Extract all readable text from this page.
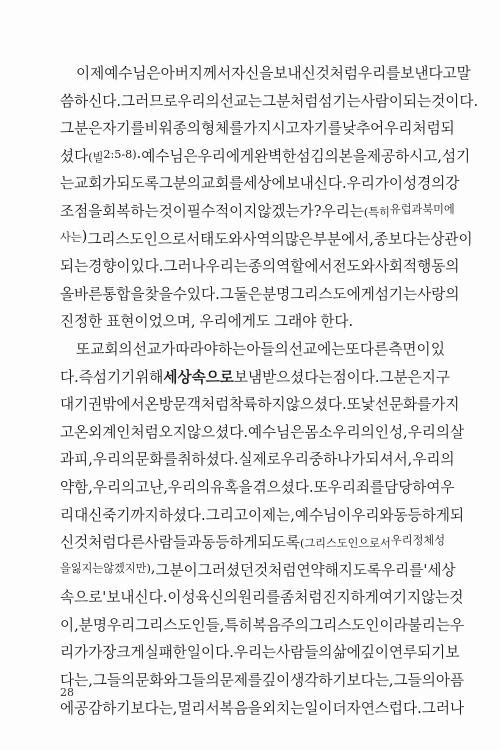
이제 예수님은 아버지께서 자신을 보내신 것처럼 우리를 보낸다고 말
씀하신다. 그러므로 우리의 선교는 그분처럼 섬기는 사람이 되는 것이다.
그분은 자기를 비워 종의 형체를 가지시고 자기를 낮추어 우리처럼 되
셨다(빌 2:5-8). 예수님은 우리에게 완벽한 섬김의 본을 제공하시고, 섬기
는 교회가 되도록 그분의 교회를 세상에 보내신다. 우리가 이 성경의 강
조점을 회복하는 것이 필수적이지 않겠는가? 우리는(특히 유럽과 북미에
사는) 그리스도인으로서 태도와 사역의 많은 부분에서, 종보다는 상관이
되는 경향이 있다. 그러나 우리는 종의 역할에서 전도와 사회적 행동의
올바른 통합을 찾을 수 있다. 그 둘은 분명 그리스도에게 섬기는 사랑의
진정한 표현이었으며, 우리에게도 그래야 한다.
또 교회의 선교가 따라야 하는 아들의 선교에는 또 다른 측면이 있
다. 즉 섬기기 위해 세상 속으로 보냄 받으셨다는 점이다. 그분은 지구
대기권 밖에서 온 방문객처럼 착륙하지 않으셨다. 또 낯선 문화를 가지
고 온 외계인처럼 오지 않으셨다. 예수님은 몸소 우리의 인성, 우리의 살
과 피, 우리의 문화를 취하셨다. 실제로 우리 중 하나가 되셔서, 우리의
약함, 우리의 고난, 우리의 유혹을 겪으셨다. 또 우리 죄를 담당하여 우
리 대신 죽기까지 하셨다. 그리고 이제는, 예수님이 우리와 동등하게 되
신 것처럼 다른 사람들과 동등하게 되도록(그리스도인으로서 우리 정체성
을 잃지는 않겠지만), 그분이 그러셨던 것처럼 연약해지도록 우리를 '세상
속으로' 보내신다. 이 성육신의 원리를 좀처럼 진지하게 여기지 않는 것
이, 분명 우리 그리스도인들, 특히 복음주의 그리스도인이라 불리는 우
리가 가장 크게 실패한 일이다. 우리는 사람들의 삶에 깊이 연루되기보
다는, 그들의 문화와 그들의 문제를 깊이 생각하기보다는, 그들의 아픔
에 공감하기보다는, 멀리서 복음을 외치는 일이 더 자연스럽다. 그러나
28
